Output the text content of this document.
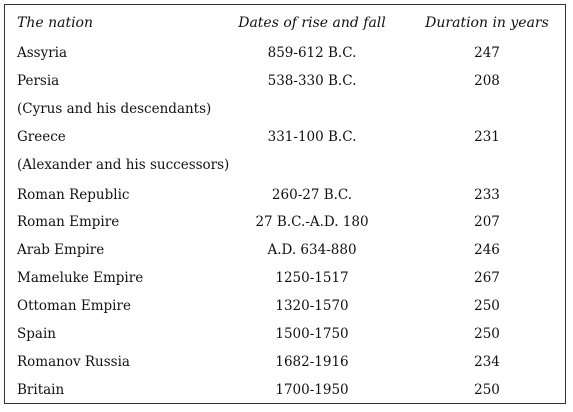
The nation	Dates of rise and fall	Duration in years
Assyria	859-612 B.C.	247
Persia	538-330 B.C.	208
(Cyrus and his descendants)
Greece	331-100 B.C.	231
(Alexander and his successors)
Roman Republic	260-27 B.C.	233
Roman Empire	27 B.C.-A.D. 180	207
Arab Empire	A.D. 634-880	246
Mameluke Empire	1250-1517	267
Ottoman Empire	1320-1570	250
Spain	1500-1750	250
Romanov Russia	1682-1916	234
Britain	1700-1950	250
